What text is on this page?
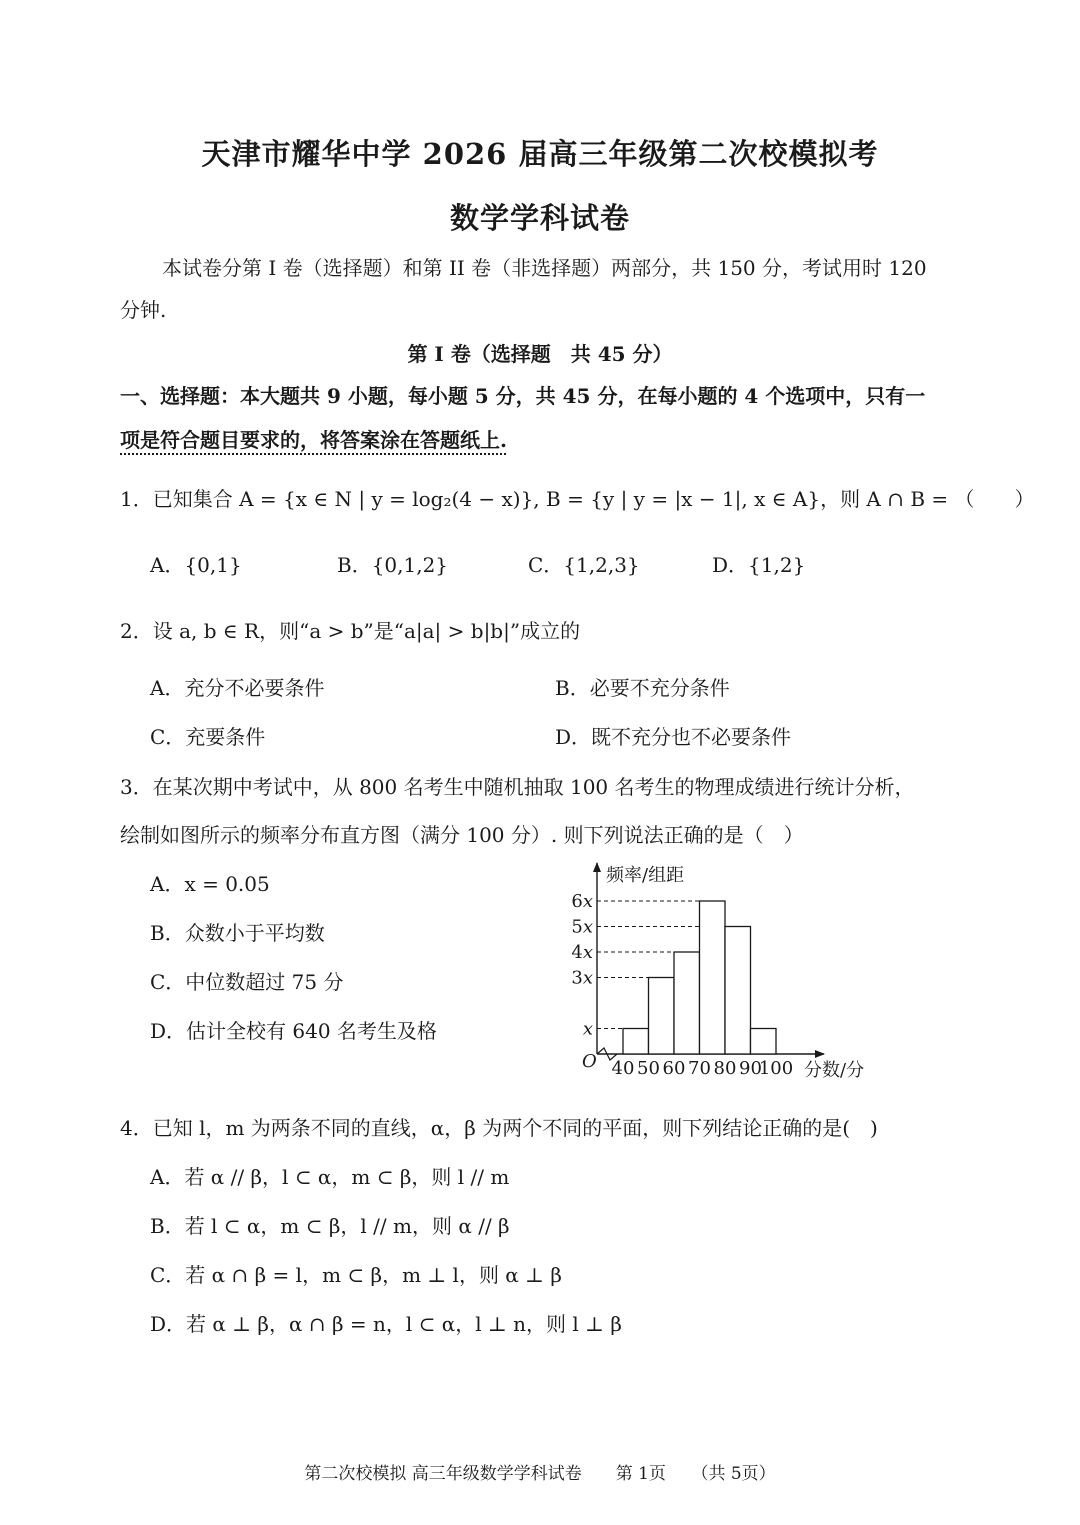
天津市耀华中学 2026 届高三年级第二次校模拟考
数学学科试卷
本试卷分第 I 卷（选择题）和第 II 卷（非选择题）两部分，共 150 分，考试用时 120
分钟.
第 I 卷（选择题　共 45 分）
一、选择题：本大题共 9 小题，每小题 5 分，共 45 分，在每小题的 4 个选项中，只有一
项是符合题目要求的，将答案涂在答题纸上.
1．已知集合 A = {x ∈ N | y = log₂(4 − x)}, B = {y | y = |x − 1|, x ∈ A}，则 A ∩ B = （　　）
A．{0,1}	B．{0,1,2}	C．{1,2,3}	D．{1,2}
2．设 a, b ∈ R，则“a > b”是“a|a| > b|b|”成立的
A．充分不必要条件	B．必要不充分条件
C．充要条件	D．既不充分也不必要条件
3．在某次期中考试中，从 800 名考生中随机抽取 100 名考生的物理成绩进行统计分析，
绘制如图所示的频率分布直方图（满分 100 分）. 则下列说法正确的是（　）
A．x = 0.05
B．众数小于平均数
C．中位数超过 75 分
D．估计全校有 640 名考生及格	x
3x
4x
5x
6x
40 50 60 70 80 90
100
频率/组距
分数/分
O
4．已知 l，m 为两条不同的直线，α，β 为两个不同的平面，则下列结论正确的是(　)
A．若 α // β，l ⊂ α，m ⊂ β，则 l // m
B．若 l ⊂ α，m ⊂ β，l // m，则 α // β
C．若 α ∩ β = l，m ⊂ β，m ⊥ l，则 α ⊥ β
D．若 α ⊥ β，α ∩ β = n，l ⊂ α，l ⊥ n，则 l ⊥ β
第二次校模拟 高三年级数学学科试卷　　第 1页　　（共 5页）
